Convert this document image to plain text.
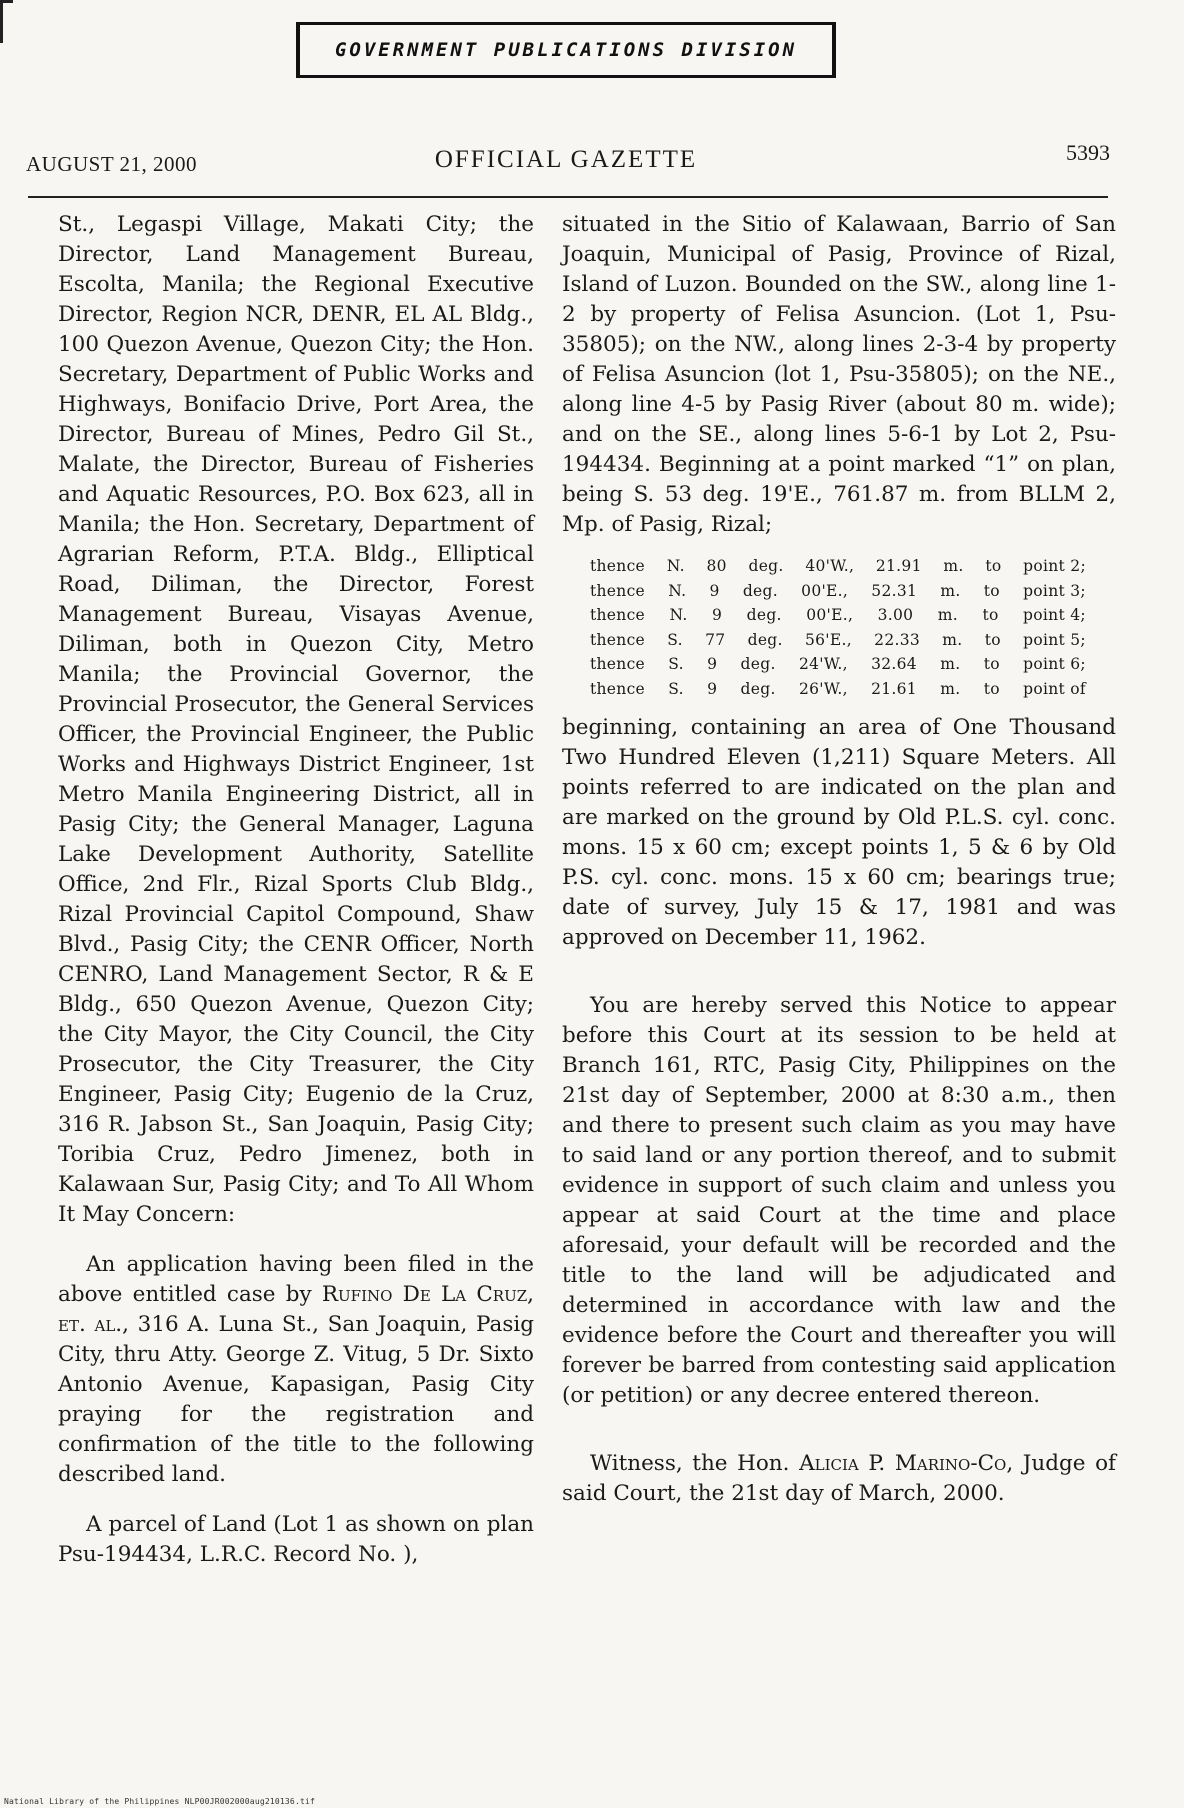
GOVERNMENT PUBLICATIONS DIVISION
AUGUST 21, 2000	OFFICIAL GAZETTE	5393

St., Legaspi Village, Makati City; the Director, Land Management Bureau, Escolta, Manila; the Regional Executive Director, Region NCR, DENR, EL AL Bldg., 100 Quezon Avenue, Quezon City; the Hon. Secretary, Department of Public Works and Highways, Bonifacio Drive, Port Area, the Director, Bureau of Mines, Pedro Gil St., Malate, the Director, Bureau of Fisheries and Aquatic Resources, P.O. Box 623, all in Manila; the Hon. Secretary, Department of Agrarian Reform, P.T.A. Bldg., Elliptical Road, Diliman, the Director, Forest Management Bureau, Visayas Avenue, Diliman, both in Quezon City, Metro Manila; the Provincial Governor, the Provincial Prosecutor, the General Services Officer, the Provincial Engineer, the Public Works and Highways District Engineer, 1st Metro Manila Engineering District, all in Pasig City; the General Manager, Laguna Lake Development Authority, Satellite Office, 2nd Flr., Rizal Sports Club Bldg., Rizal Provincial Capitol Compound, Shaw Blvd., Pasig City; the CENR Officer, North CENRO, Land Management Sector, R & E Bldg., 650 Quezon Avenue, Quezon City; the City Mayor, the City Council, the City Prosecutor, the City Treasurer, the City Engineer, Pasig City; Eugenio de la Cruz, 316 R. Jabson St., San Joaquin, Pasig City; Toribia Cruz, Pedro Jimenez, both in Kalawaan Sur, Pasig City; and To All Whom It May Concern:

An application having been filed in the above entitled case by Rufino De La Cruz, et. al., 316 A. Luna St., San Joaquin, Pasig City, thru Atty. George Z. Vitug, 5 Dr. Sixto Antonio Avenue, Kapasigan, Pasig City praying for the registration and confirmation of the title to the following described land.

A parcel of Land (Lot 1 as shown on plan Psu-194434, L.R.C. Record No. ),

situated in the Sitio of Kalawaan, Barrio of San Joaquin, Municipal of Pasig, Province of Rizal, Island of Luzon. Bounded on the SW., along line 1-2 by property of Felisa Asuncion. (Lot 1, Psu-35805); on the NW., along lines 2-3-4 by property of Felisa Asuncion (lot 1, Psu-35805); on the NE., along line 4-5 by Pasig River (about 80 m. wide); and on the SE., along lines 5-6-1 by Lot 2, Psu-194434. Beginning at a point marked “1” on plan, being S. 53 deg. 19'E., 761.87 m. from BLLM 2, Mp. of Pasig, Rizal;

thence N. 80 deg. 40'W., 21.91 m. to point 2;
thence N. 9 deg. 00'E., 52.31 m. to point 3;
thence N. 9 deg. 00'E., 3.00 m. to point 4;
thence S. 77 deg. 56'E., 22.33 m. to point 5;
thence S. 9 deg. 24'W., 32.64 m. to point 6;
thence S. 9 deg. 26'W., 21.61 m. to point of

beginning, containing an area of One Thousand Two Hundred Eleven (1,211) Square Meters. All points referred to are indicated on the plan and are marked on the ground by Old P.L.S. cyl. conc. mons. 15 x 60 cm; except points 1, 5 & 6 by Old P.S. cyl. conc. mons. 15 x 60 cm; bearings true; date of survey, July 15 & 17, 1981 and was approved on December 11, 1962.

You are hereby served this Notice to appear before this Court at its session to be held at Branch 161, RTC, Pasig City, Philippines on the 21st day of September, 2000 at 8:30 a.m., then and there to present such claim as you may have to said land or any portion thereof, and to submit evidence in support of such claim and unless you appear at said Court at the time and place aforesaid, your default will be recorded and the title to the land will be adjudicated and determined in accordance with law and the evidence before the Court and thereafter you will forever be barred from contesting said application (or petition) or any decree entered thereon.

Witness, the Hon. Alicia P. Marino-Co, Judge of said Court, the 21st day of March, 2000.

National Library of the Philippines NLP00JR002000aug210136.tif
